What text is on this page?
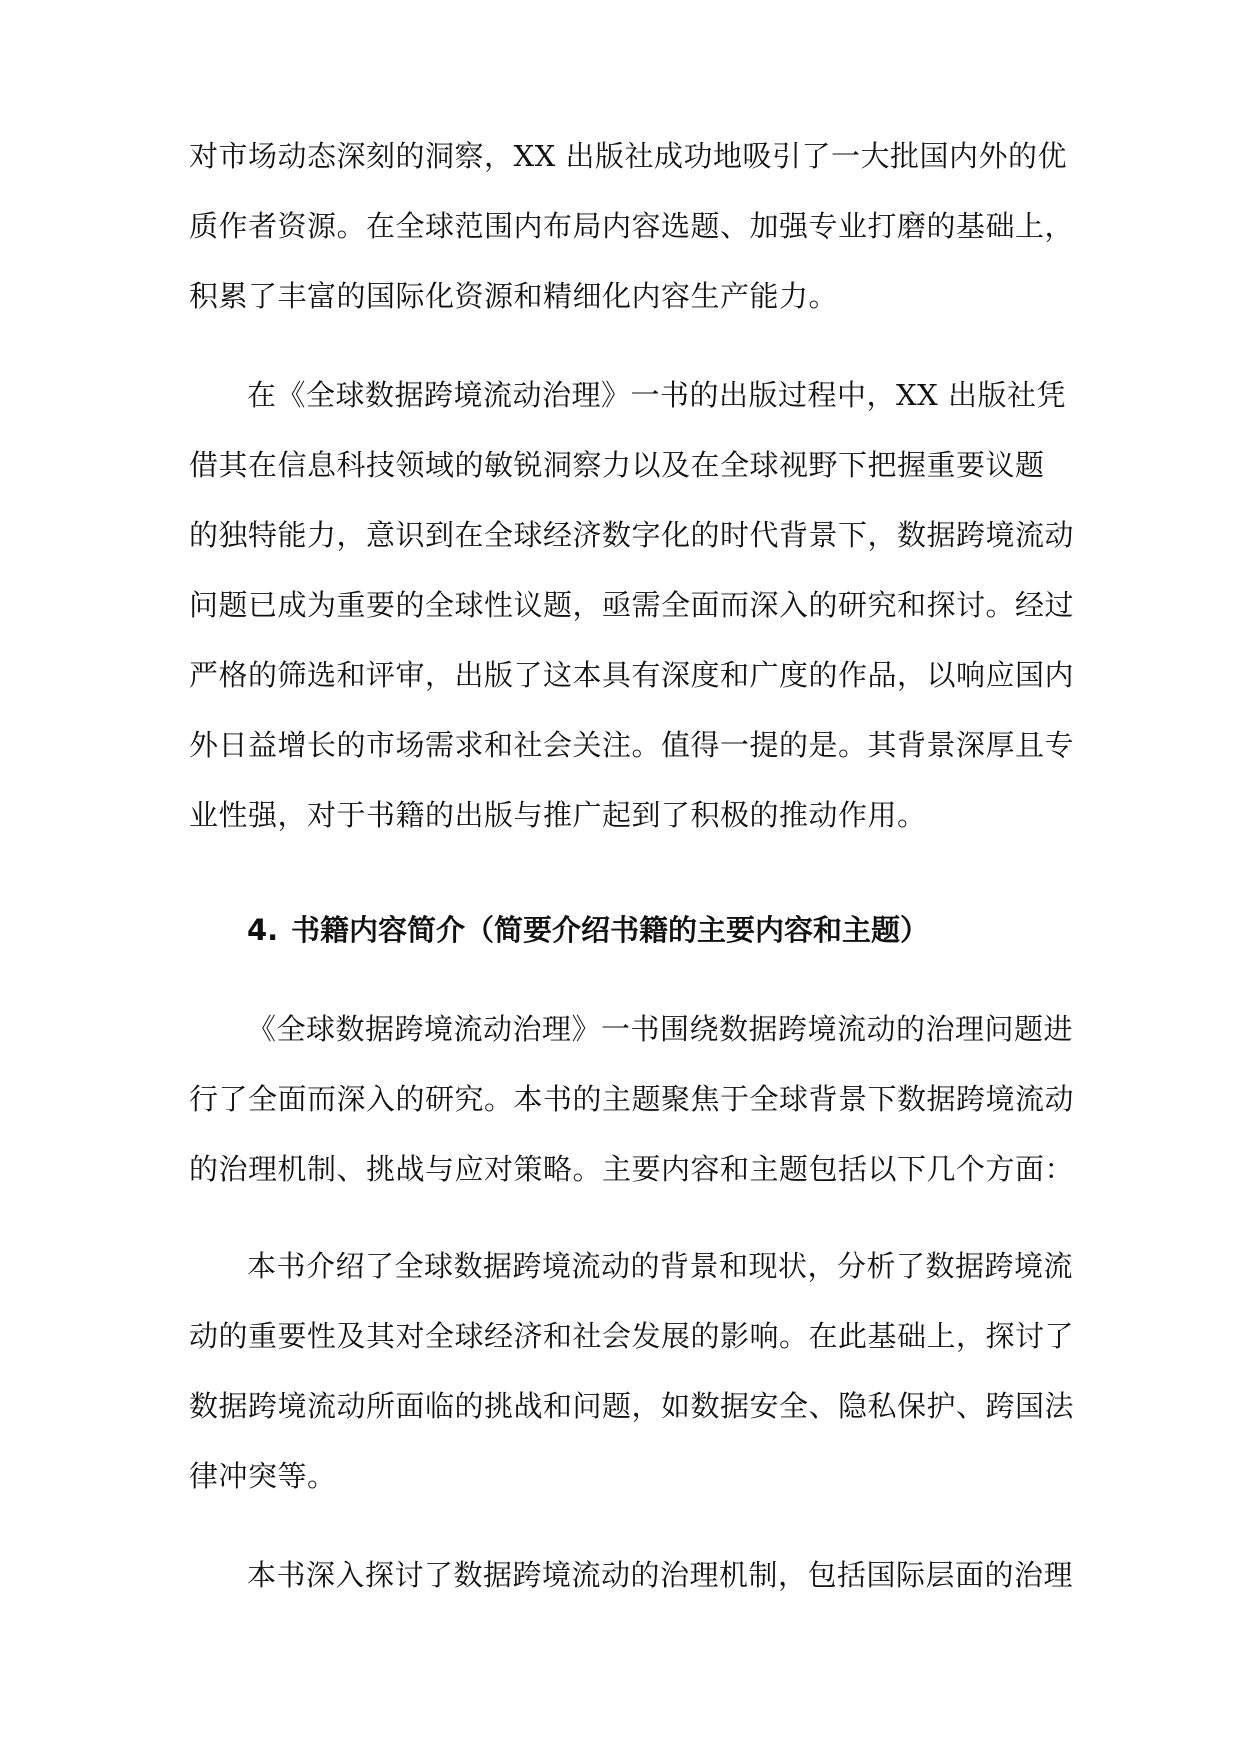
对市场动态深刻的洞察，XX 出版社成功地吸引了一大批国内外的优
质作者资源。在全球范围内布局内容选题、加强专业打磨的基础上，
积累了丰富的国际化资源和精细化内容生产能力。
在《全球数据跨境流动治理》一书的出版过程中，XX 出版社凭
借其在信息科技领域的敏锐洞察力以及在全球视野下把握重要议题
的独特能力，意识到在全球经济数字化的时代背景下，数据跨境流动
问题已成为重要的全球性议题，亟需全面而深入的研究和探讨。经过
严格的筛选和评审，出版了这本具有深度和广度的作品，以响应国内
外日益增长的市场需求和社会关注。值得一提的是。其背景深厚且专
业性强，对于书籍的出版与推广起到了积极的推动作用。
4. 书籍内容简介（简要介绍书籍的主要内容和主题）
《全球数据跨境流动治理》一书围绕数据跨境流动的治理问题进
行了全面而深入的研究。本书的主题聚焦于全球背景下数据跨境流动
的治理机制、挑战与应对策略。主要内容和主题包括以下几个方面：
本书介绍了全球数据跨境流动的背景和现状，分析了数据跨境流
动的重要性及其对全球经济和社会发展的影响。在此基础上，探讨了
数据跨境流动所面临的挑战和问题，如数据安全、隐私保护、跨国法
律冲突等。
本书深入探讨了数据跨境流动的治理机制，包括国际层面的治理
